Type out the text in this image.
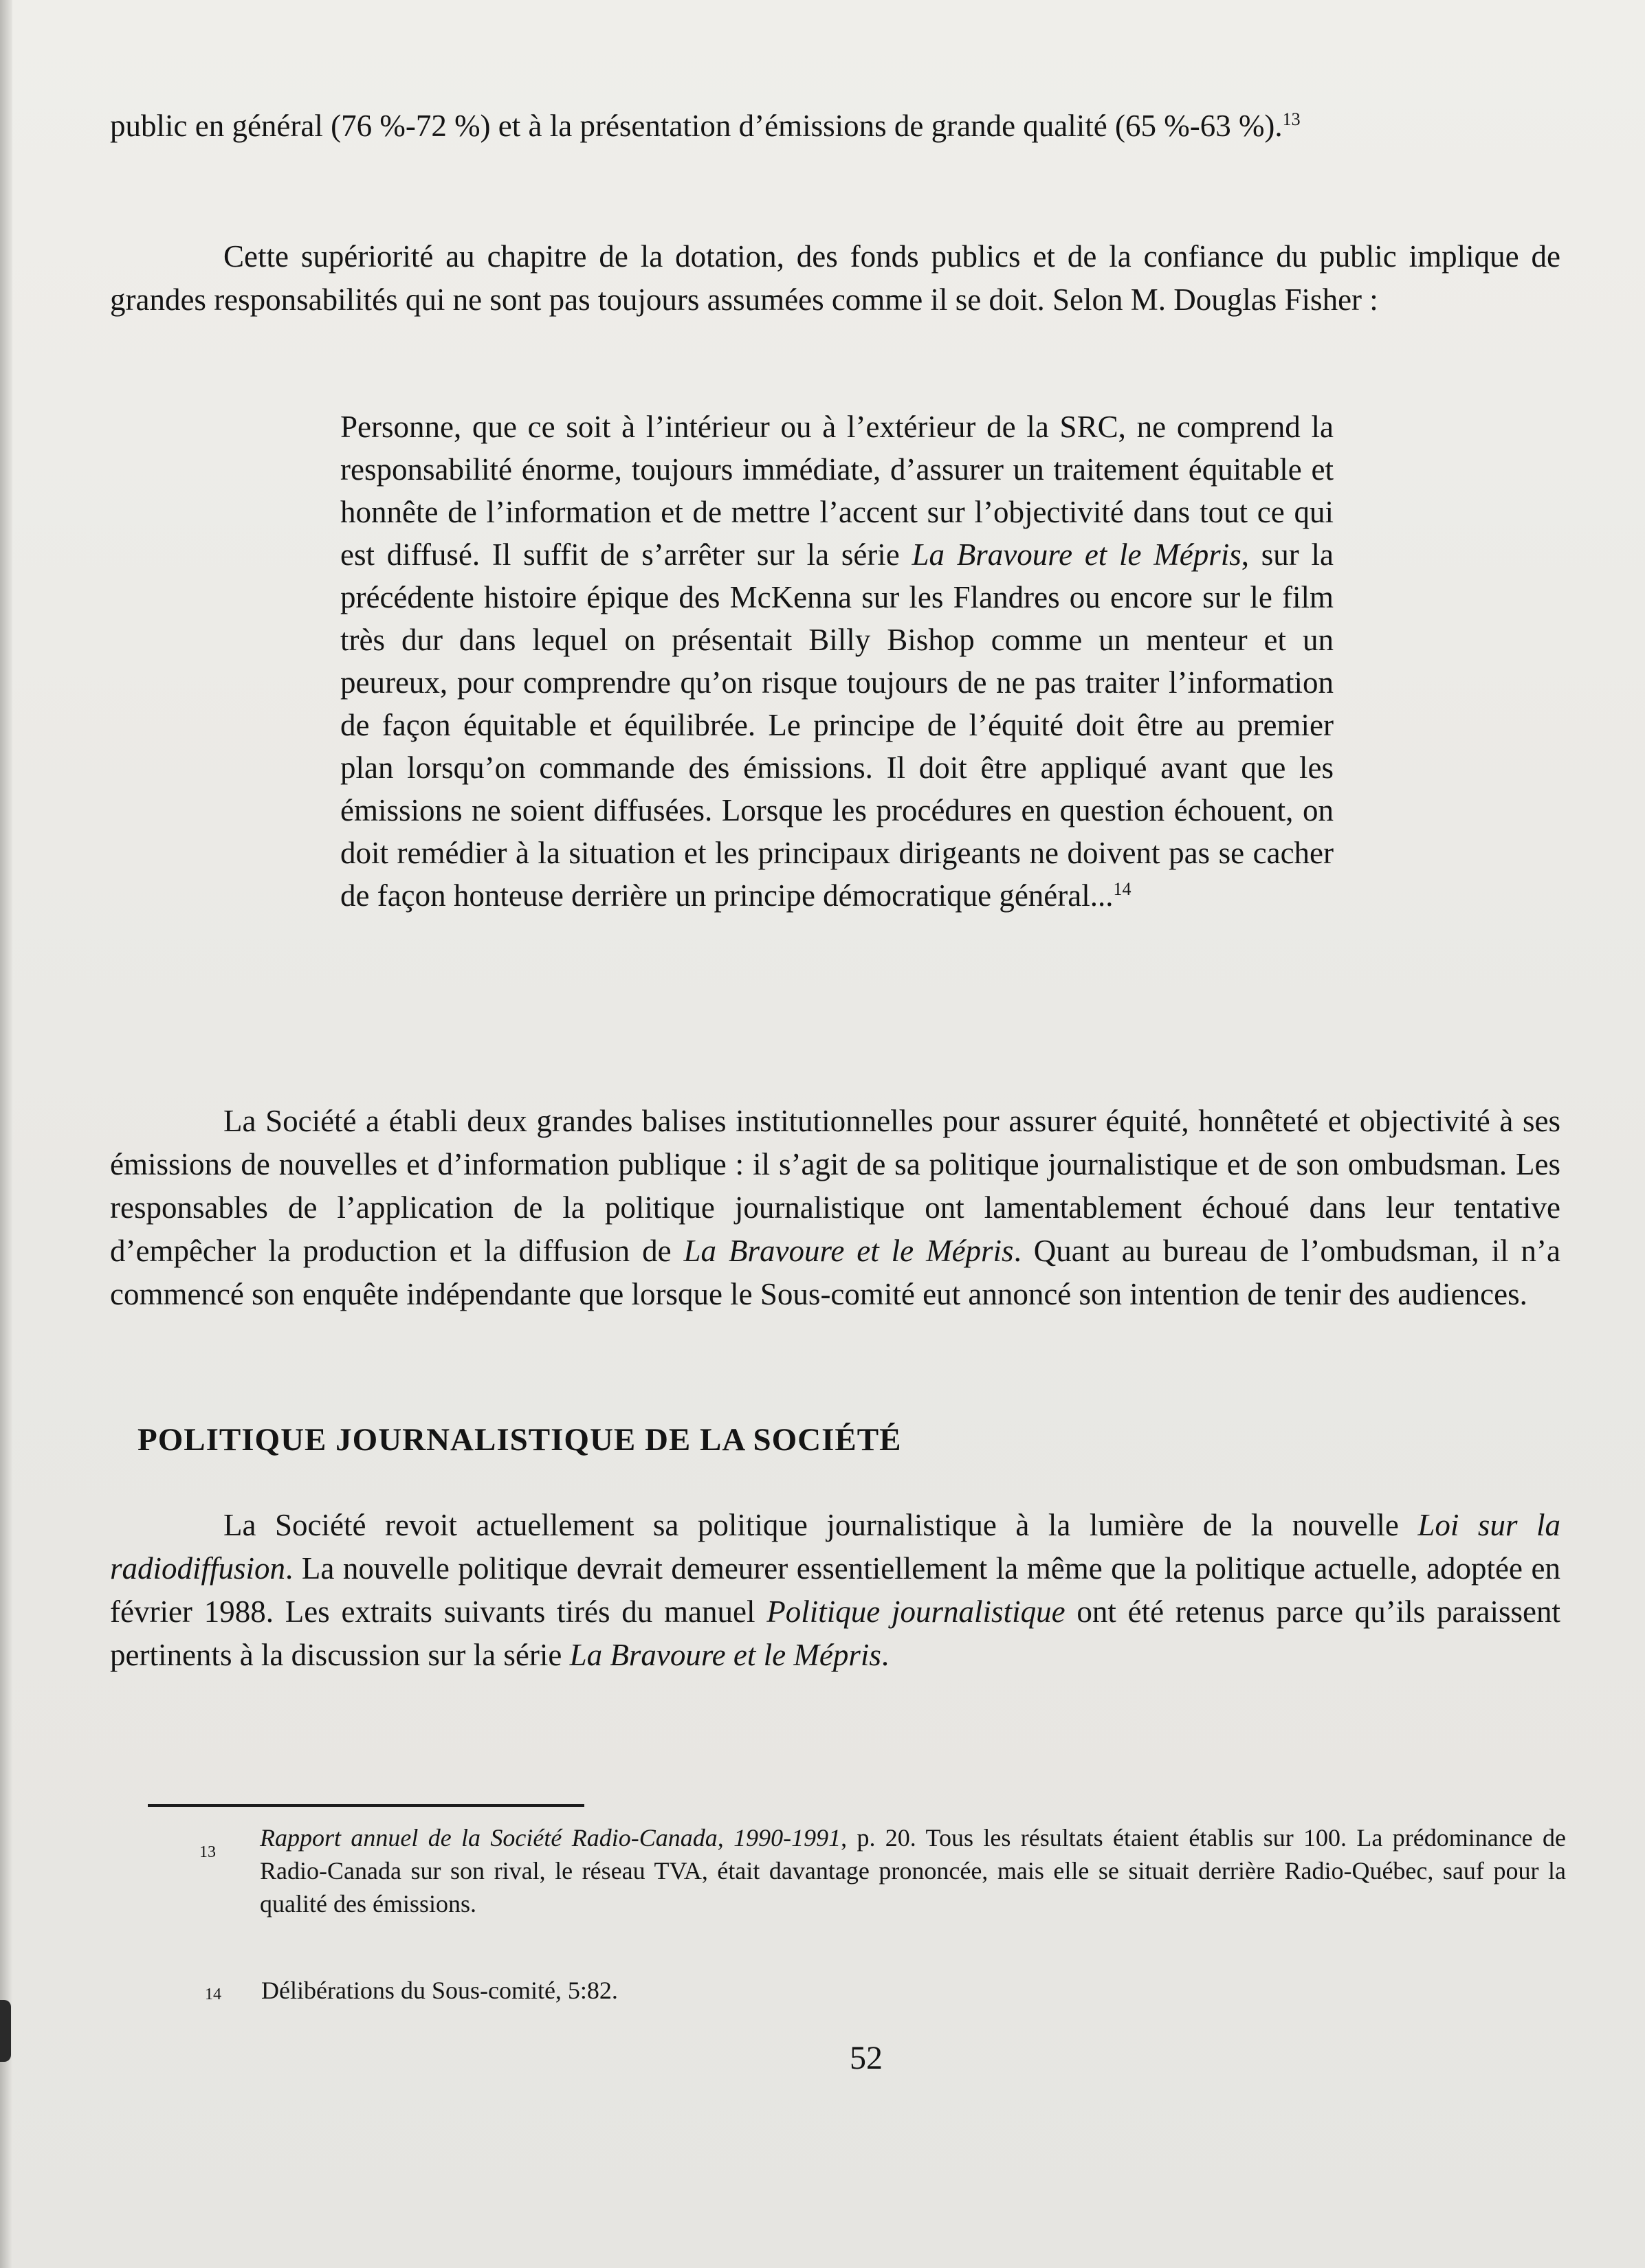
public en général (76 %-72 %) et à la présentation d’émissions de grande qualité (65 %-63 %).$^{13}$

Cette supériorité au chapitre de la dotation, des fonds publics et de la confiance du public implique de grandes responsabilités qui ne sont pas toujours assumées comme il se doit. Selon M. Douglas Fisher :

Personne, que ce soit à l’intérieur ou à l’extérieur de la SRC, ne comprend la responsabilité énorme, toujours immédiate, d’assurer un traitement équitable et honnête de l’information et de mettre l’accent sur l’objectivité dans tout ce qui est diffusé. Il suffit de s’arrêter sur la série La Bravoure et le Mépris, sur la précédente histoire épique des McKenna sur les Flandres ou encore sur le film très dur dans lequel on présentait Billy Bishop comme un menteur et un peureux, pour comprendre qu’on risque toujours de ne pas traiter l’information de façon équitable et équilibrée. Le principe de l’équité doit être au premier plan lorsqu’on commande des émissions. Il doit être appliqué avant que les émissions ne soient diffusées. Lorsque les procédures en question échouent, on doit remédier à la situation et les principaux dirigeants ne doivent pas se cacher de façon honteuse derrière un principe démocratique général...$^{14}$

La Société a établi deux grandes balises institutionnelles pour assurer équité, honnêteté et objectivité à ses émissions de nouvelles et d’information publique : il s’agit de sa politique journalistique et de son ombudsman. Les responsables de l’application de la politique journalistique ont lamentablement échoué dans leur tentative d’empêcher la production et la diffusion de La Bravoure et le Mépris. Quant au bureau de l’ombudsman, il n’a commencé son enquête indépendante que lorsque le Sous-comité eut annoncé son intention de tenir des audiences.

POLITIQUE JOURNALISTIQUE DE LA SOCIÉTÉ

La Société revoit actuellement sa politique journalistique à la lumière de la nouvelle Loi sur la radiodiffusion. La nouvelle politique devrait demeurer essentiellement la même que la politique actuelle, adoptée en février 1988. Les extraits suivants tirés du manuel Politique journalistique ont été retenus parce qu’ils paraissent pertinents à la discussion sur la série La Bravoure et le Mépris.

13
Rapport annuel de la Société Radio-Canada, 1990-1991, p. 20. Tous les résultats étaient établis sur 100. La prédominance de Radio-Canada sur son rival, le réseau TVA, était davantage prononcée, mais elle se situait derrière Radio-Québec, sauf pour la qualité des émissions.
14 Délibérations du Sous-comité, 5:82.
52
